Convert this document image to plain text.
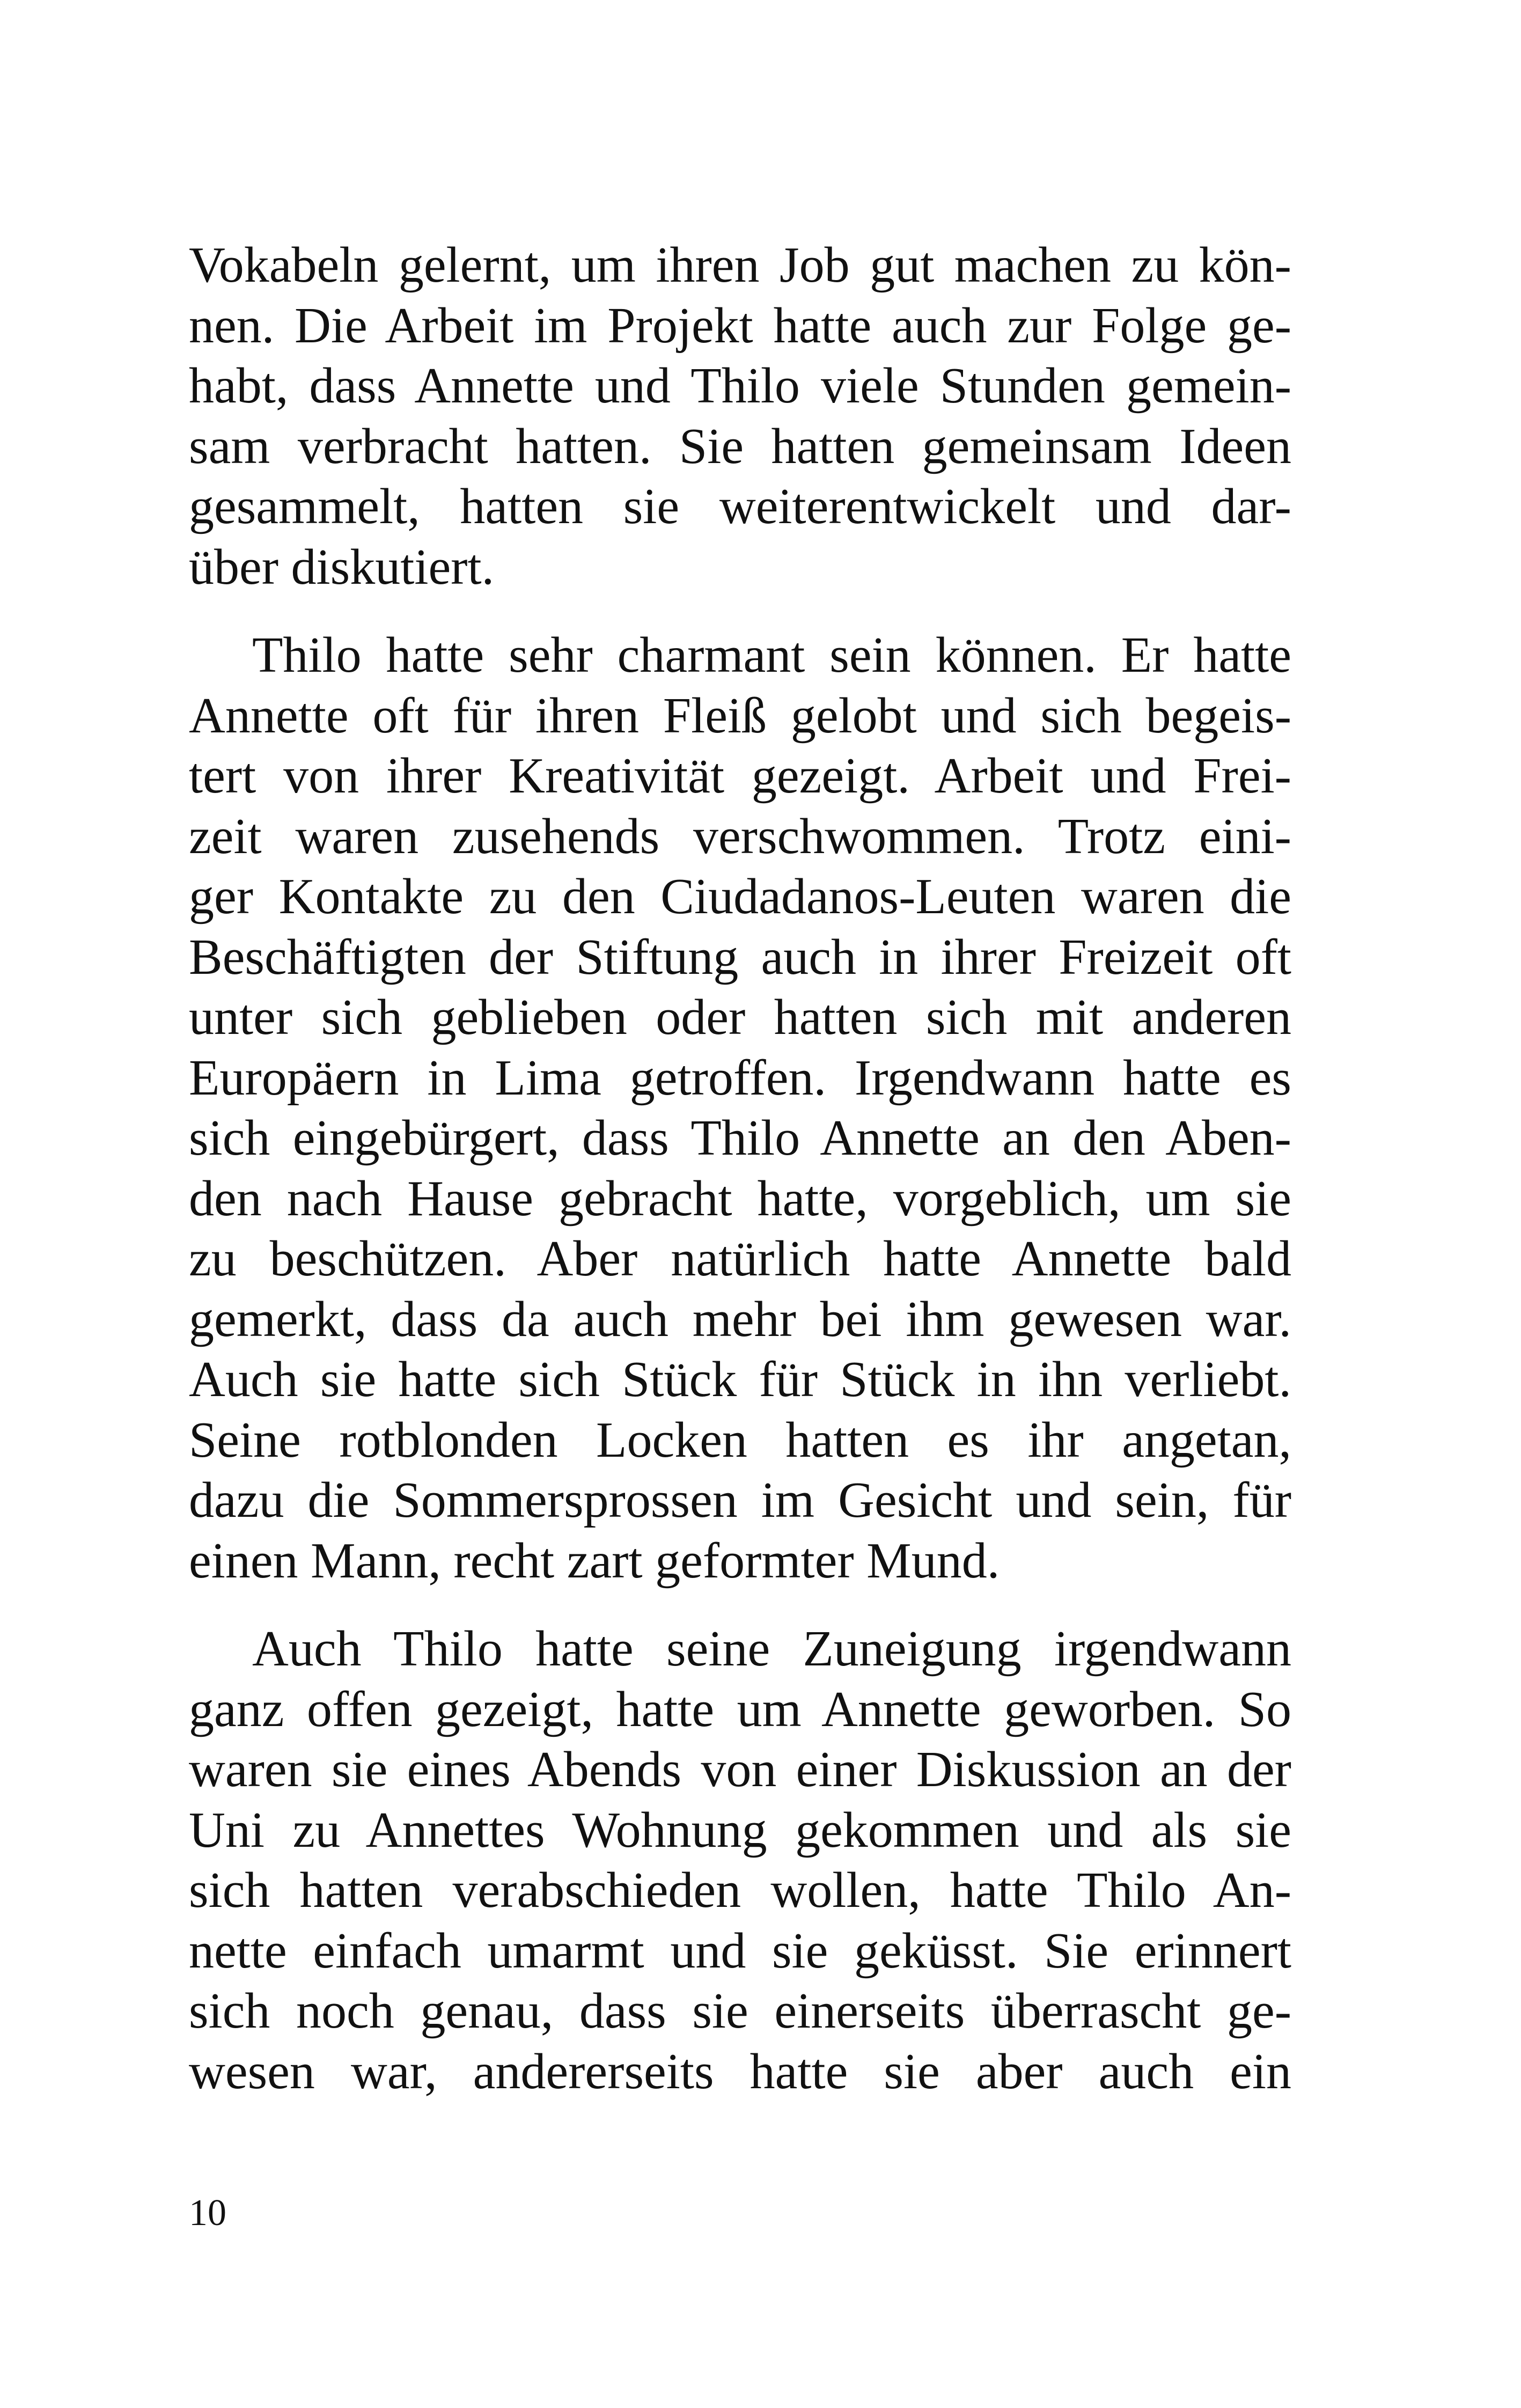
Vokabeln gelernt, um ihren Job gut machen zu kön-
nen. Die Arbeit im Projekt hatte auch zur Folge ge-
habt, dass Annette und Thilo viele Stunden gemein-
sam verbracht hatten. Sie hatten gemeinsam Ideen
gesammelt, hatten sie weiterentwickelt und dar-
über diskutiert.
Thilo hatte sehr charmant sein können. Er hatte
Annette oft für ihren Fleiß gelobt und sich begeis-
tert von ihrer Kreativität gezeigt. Arbeit und Frei-
zeit waren zusehends verschwommen. Trotz eini-
ger Kontakte zu den Ciudadanos-Leuten waren die
Beschäftigten der Stiftung auch in ihrer Freizeit oft
unter sich geblieben oder hatten sich mit anderen
Europäern in Lima getroffen. Irgendwann hatte es
sich eingebürgert, dass Thilo Annette an den Aben-
den nach Hause gebracht hatte, vorgeblich, um sie
zu beschützen. Aber natürlich hatte Annette bald
gemerkt, dass da auch mehr bei ihm gewesen war.
Auch sie hatte sich Stück für Stück in ihn verliebt.
Seine rotblonden Locken hatten es ihr angetan,
dazu die Sommersprossen im Gesicht und sein, für
einen Mann, recht zart geformter Mund.
Auch Thilo hatte seine Zuneigung irgendwann
ganz offen gezeigt, hatte um Annette geworben. So
waren sie eines Abends von einer Diskussion an der
Uni zu Annettes Wohnung gekommen und als sie
sich hatten verabschieden wollen, hatte Thilo An-
nette einfach umarmt und sie geküsst. Sie erinnert
sich noch genau, dass sie einerseits überrascht ge-
wesen war, andererseits hatte sie aber auch ein
10
